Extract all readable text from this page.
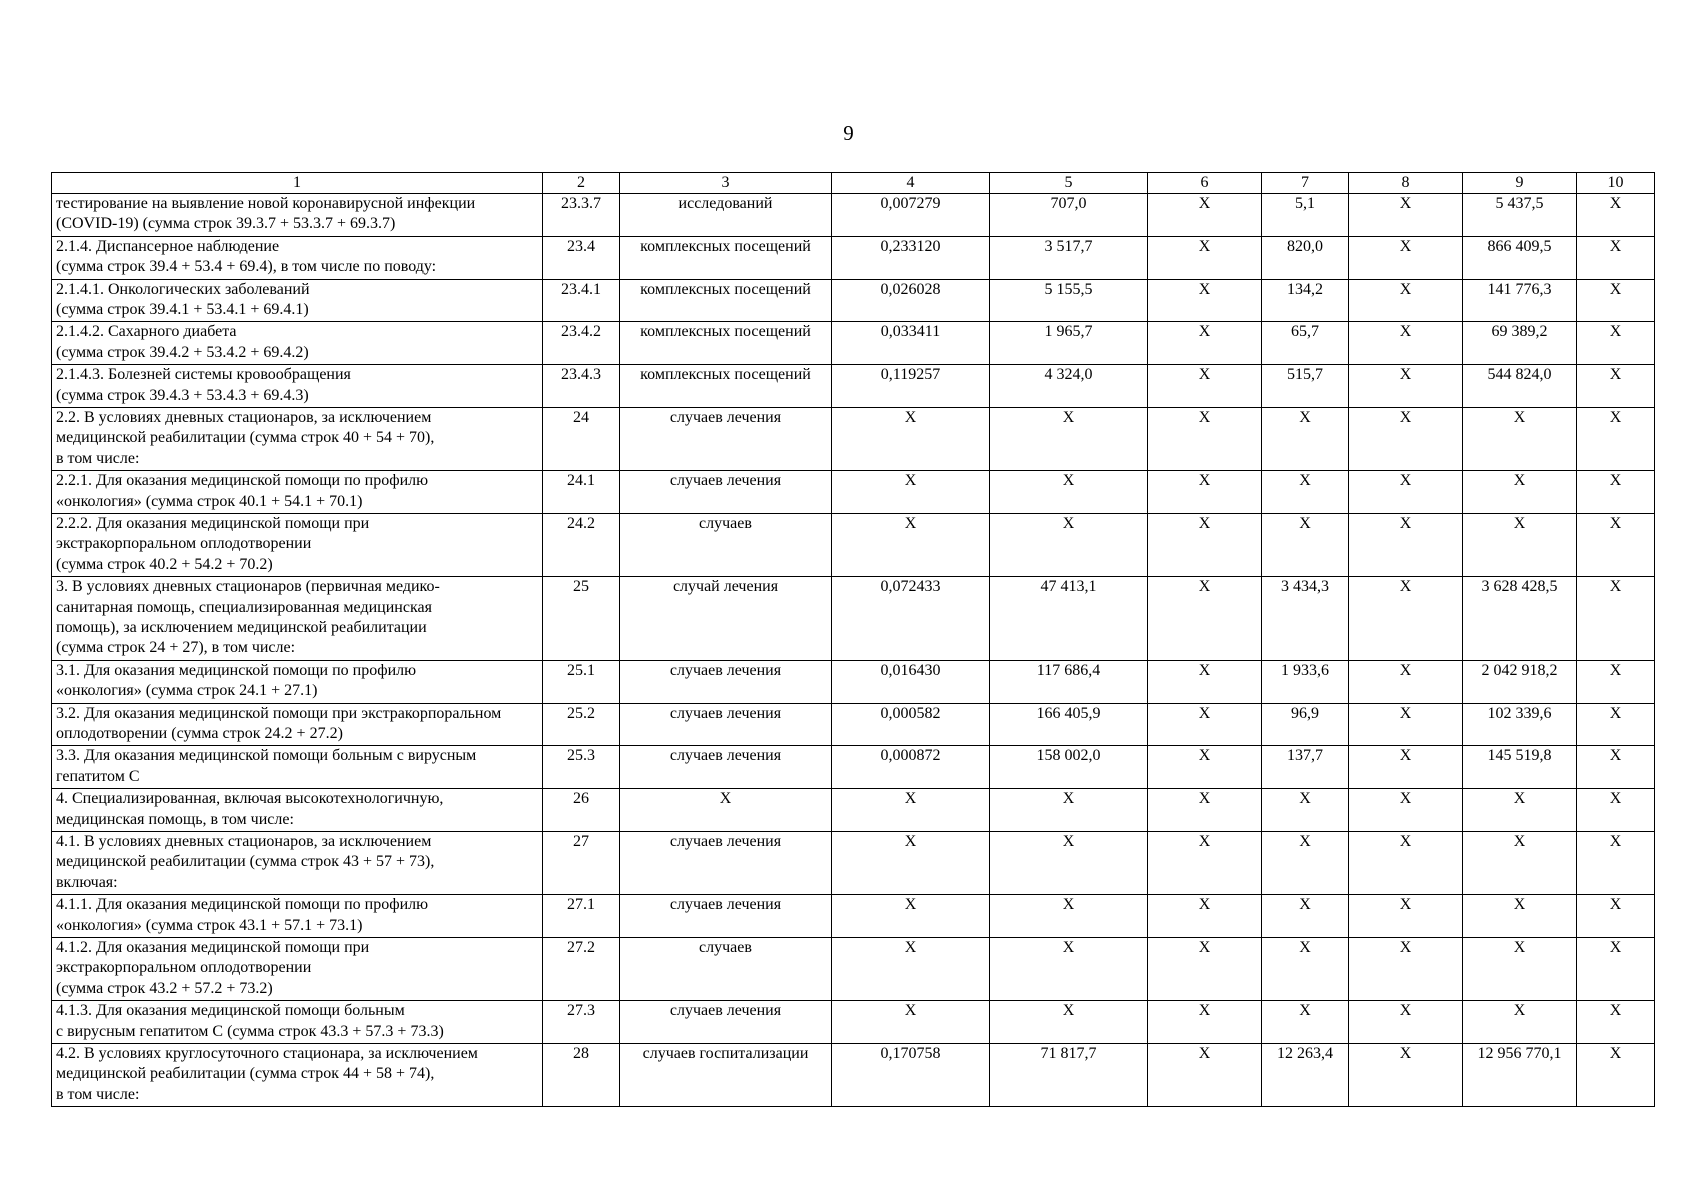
9
1	2	3	4	5	6	7	8	9	10
тестирование на выявление новой коронавирусной инфекции
(COVID-19) (сумма строк 39.3.7 + 53.3.7 + 69.3.7)	23.3.7	исследований	0,007279	707,0	X	5,1	X	5 437,5	X
2.1.4. Диспансерное наблюдение
(сумма строк 39.4 + 53.4 + 69.4), в том числе по поводу:	23.4	комплексных посещений	0,233120	3 517,7	X	820,0	X	866 409,5	X
2.1.4.1. Онкологических заболеваний
(сумма строк 39.4.1 + 53.4.1 + 69.4.1)	23.4.1	комплексных посещений	0,026028	5 155,5	X	134,2	X	141 776,3	X
2.1.4.2. Сахарного диабета
(сумма строк 39.4.2 + 53.4.2 + 69.4.2)	23.4.2	комплексных посещений	0,033411	1 965,7	X	65,7	X	69 389,2	X
2.1.4.3. Болезней системы кровообращения
(сумма строк 39.4.3 + 53.4.3 + 69.4.3)	23.4.3	комплексных посещений	0,119257	4 324,0	X	515,7	X	544 824,0	X
2.2. В условиях дневных стационаров, за исключением
медицинской реабилитации (сумма строк 40 + 54 + 70),
в том числе:	24	случаев лечения	X	X	X	X	X	X	X
2.2.1. Для оказания медицинской помощи по профилю
«онкология» (сумма строк 40.1 + 54.1 + 70.1)	24.1	случаев лечения	X	X	X	X	X	X	X
2.2.2. Для оказания медицинской помощи при
экстракорпоральном оплодотворении
(сумма строк 40.2 + 54.2 + 70.2)	24.2	случаев	X	X	X	X	X	X	X
3. В условиях дневных стационаров (первичная медико-
санитарная помощь, специализированная медицинская
помощь), за исключением медицинской реабилитации
(сумма строк 24 + 27), в том числе:	25	случай лечения	0,072433	47 413,1	X	3 434,3	X	3 628 428,5	X
3.1. Для оказания медицинской помощи по профилю
«онкология» (сумма строк 24.1 + 27.1)	25.1	случаев лечения	0,016430	117 686,4	X	1 933,6	X	2 042 918,2	X
3.2. Для оказания медицинской помощи при экстракорпоральном
оплодотворении (сумма строк 24.2 + 27.2)	25.2	случаев лечения	0,000582	166 405,9	X	96,9	X	102 339,6	X
3.3. Для оказания медицинской помощи больным с вирусным
гепатитом С	25.3	случаев лечения	0,000872	158 002,0	X	137,7	X	145 519,8	X
4. Специализированная, включая высокотехнологичную,
медицинская помощь, в том числе:	26	X	X	X	X	X	X	X	X
4.1. В условиях дневных стационаров, за исключением
медицинской реабилитации (сумма строк 43 + 57 + 73),
включая:	27	случаев лечения	X	X	X	X	X	X	X
4.1.1. Для оказания медицинской помощи по профилю
«онкология» (сумма строк 43.1 + 57.1 + 73.1)	27.1	случаев лечения	X	X	X	X	X	X	X
4.1.2. Для оказания медицинской помощи при
экстракорпоральном оплодотворении
(сумма строк 43.2 + 57.2 + 73.2)	27.2	случаев	X	X	X	X	X	X	X
4.1.3. Для оказания медицинской помощи больным
с вирусным гепатитом С (сумма строк 43.3 + 57.3 + 73.3)	27.3	случаев лечения	X	X	X	X	X	X	X
4.2. В условиях круглосуточного стационара, за исключением
медицинской реабилитации (сумма строк 44 + 58 + 74),
в том числе:	28	случаев госпитализации	0,170758	71 817,7	X	12 263,4	X	12 956 770,1	X
